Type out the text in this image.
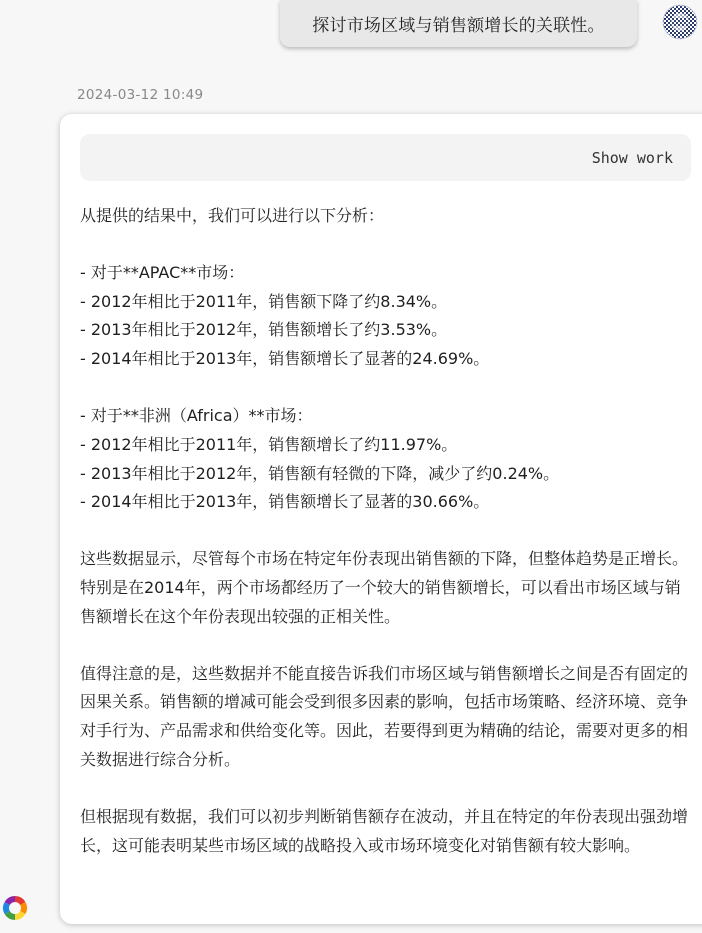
探讨市场区域与销售额增长的关联性。
2024-03-12 10:49
Show work

从提供的结果中，我们可以进行以下分析：

- 对于**APAC**市场：

- 2012年相比于2011年，销售额下降了约8.34%。

- 2013年相比于2012年，销售额增长了约3.53%。

- 2014年相比于2013年，销售额增长了显著的24.69%。

- 对于**非洲（Africa）**市场：

- 2012年相比于2011年，销售额增长了约11.97%。

- 2013年相比于2012年，销售额有轻微的下降，减少了约0.24%。

- 2014年相比于2013年，销售额增长了显著的30.66%。

这些数据显示，尽管每个市场在特定年份表现出销售额的下降，但整体趋势是正增长。特别是在2014年，两个市场都经历了一个较大的销售额增长，可以看出市场区域与销售额增长在这个年份表现出较强的正相关性。

值得注意的是，这些数据并不能直接告诉我们市场区域与销售额增长之间是否有固定的因果关系。销售额的增减可能会受到很多因素的影响，包括市场策略、经济环境、竞争对手行为、产品需求和供给变化等。因此，若要得到更为精确的结论，需要对更多的相关数据进行综合分析。

但根据现有数据，我们可以初步判断销售额存在波动，并且在特定的年份表现出强劲增长，这可能表明某些市场区域的战略投入或市场环境变化对销售额有较大影响。
